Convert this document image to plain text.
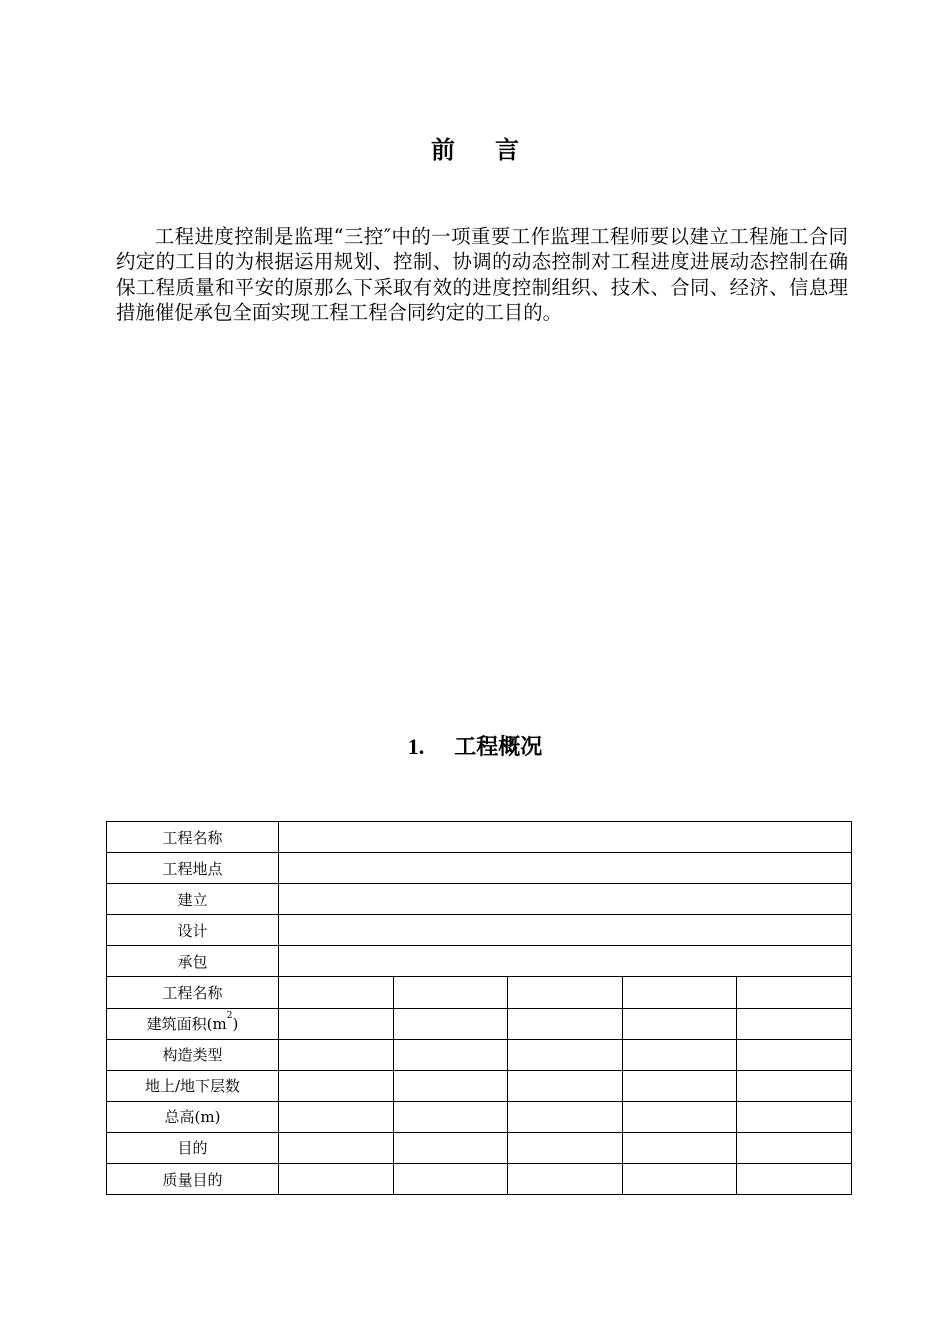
前 言

工程进度控制是监理“三控″中的一项重要工作监理工程师要以建立工程施工合同约定的工目的为根据运用规划、控制、协调的动态控制对工程进度进展动态控制在确保工程质量和平安的原那么下采取有效的进度控制组织、技术、合同、经济、信息理措施催促承包全面实现工程工程合同约定的工目的。

1. 工程概况
工程名称					
工程地点					
建立					
设计					
承包					
工程名称					
建筑面积$(m^2)$					
构造类型					
地上/地下层数					
总高(m)					
目的					
质量目的					
